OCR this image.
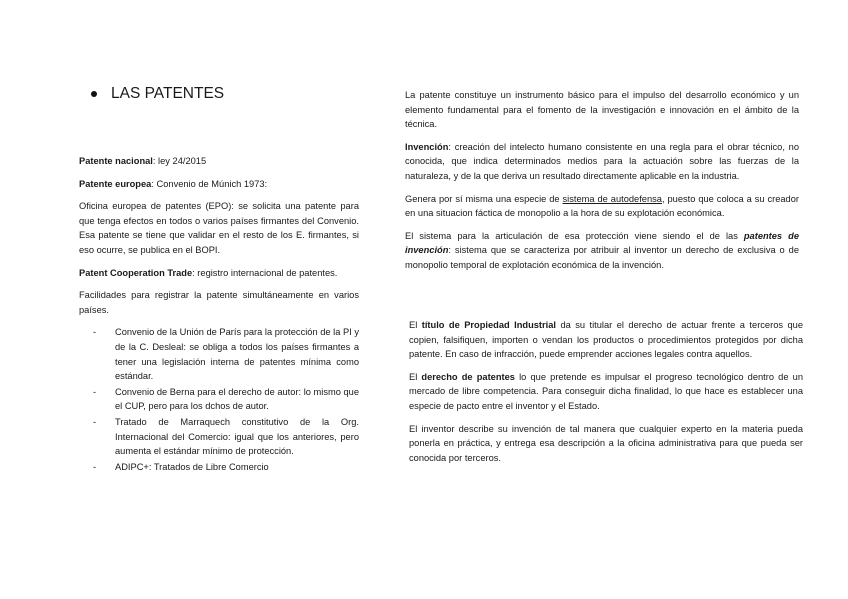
LAS PATENTES

Patente nacional: ley 24/2015

Patente europea: Convenio de Múnich 1973:

Oficina europea de patentes (EPO): se solicita una patente para que tenga efectos en todos o varios países firmantes del Convenio. Esa patente se tiene que validar en el resto de los E. firmantes, si eso ocurre, se publica en el BOPI.

Patent Cooperation Trade: registro internacional de patentes.

Facilidades para registrar la patente simultáneamente en varios países.

- Convenio de la Unión de París para la protección de la PI y de la C. Desleal: se obliga a todos los países firmantes a tener una legislación interna de patentes mínima como estándar.
- Convenio de Berna para el derecho de autor: lo mismo que el CUP, pero para los dchos de autor.
- Tratado de Marraquech constitutivo de la Org. Internacional del Comercio: igual que los anteriores, pero aumenta el estándar mínimo de protección.
- ADIPC+: Tratados de Libre Comercio

La patente constituye un instrumento básico para el impulso del desarrollo económico y un elemento fundamental para el fomento de la investigación e innovación en el ámbito de la técnica.

Invención: creación del intelecto humano consistente en una regla para el obrar técnico, no conocida, que indica determinados medios para la actuación sobre las fuerzas de la naturaleza, y de la que deriva un resultado directamente aplicable en la industria.

Genera por sí misma una especie de sistema de autodefensa, puesto que coloca a su creador en una situacion fáctica de monopolio a la hora de su explotación económica.

El sistema para la articulación de esa protección viene siendo el de las patentes de invención: sistema que se caracteriza por atribuir al inventor un derecho de exclusiva o de monopolio temporal de explotación económica de la invención.

El título de Propiedad Industrial da su titular el derecho de actuar frente a terceros que copien, falsifiquen, importen o vendan los productos o procedimientos protegidos por dicha patente. En caso de infracción, puede emprender acciones legales contra aquellos.

El derecho de patentes lo que pretende es impulsar el progreso tecnológico dentro de un mercado de libre competencia. Para conseguir dicha finalidad, lo que hace es establecer una especie de pacto entre el inventor y el Estado.

El inventor describe su invención de tal manera que cualquier experto en la materia pueda ponerla en práctica, y entrega esa descripción a la oficina administrativa para que pueda ser conocida por terceros.
